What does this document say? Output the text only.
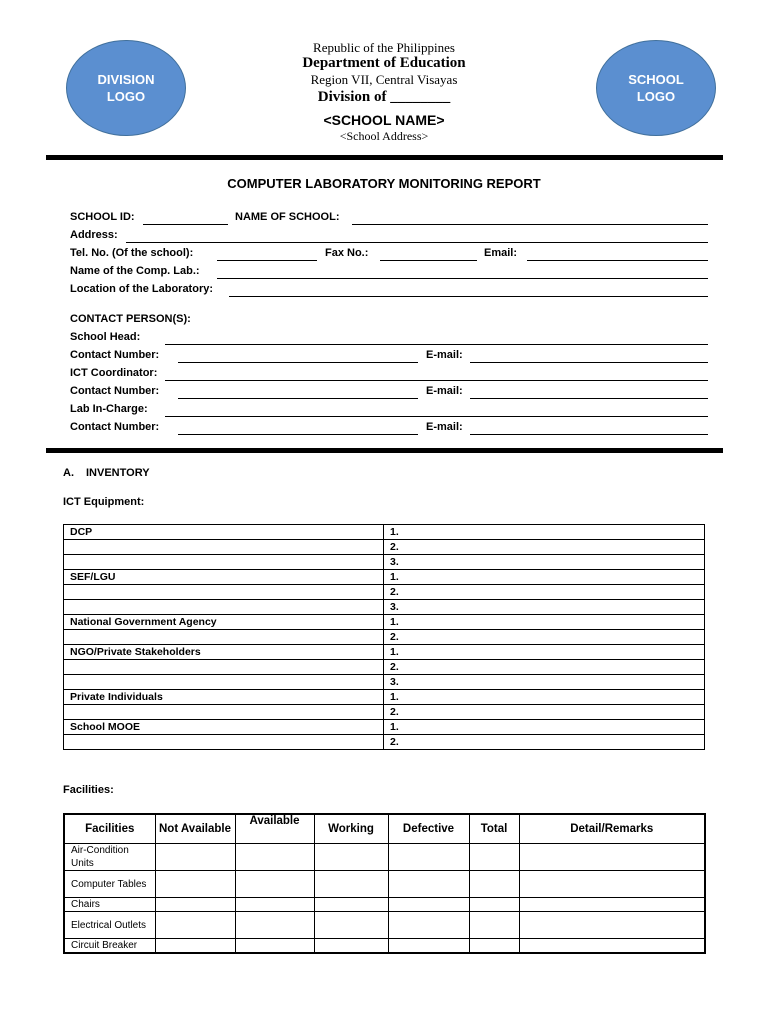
DIVISION LOGO
SCHOOL LOGO
Republic of the Philippines
Department of Education
Region VII, Central Visayas
Division of ________
<SCHOOL NAME>
<School Address>
COMPUTER LABORATORY MONITORING REPORT
SCHOOL ID:	NAME OF SCHOOL:
Address:
Tel. No. (Of the school):	Fax No.:	Email:
Name of the Comp. Lab.:
Location of the Laboratory:
CONTACT PERSON(S):
School Head:
Contact Number:	E-mail:
ICT Coordinator:
Contact Number:	E-mail:
Lab In-Charge:
Contact Number:	E-mail:
A. INVENTORY
ICT Equipment:
DCP	1.
	2.
	3.
SEF/LGU	1.
	2.
	3.
National Government Agency	1.
	2.
NGO/Private Stakeholders	1.
	2.
	3.
Private Individuals	1.
	2.
School MOOE	1.
	2.
Facilities:
Facilities	Not Available	Available	Working	Defective	Total	Detail/Remarks
Air-Condition Units						
Computer Tables						
Chairs						
Electrical Outlets						
Circuit Breaker						
